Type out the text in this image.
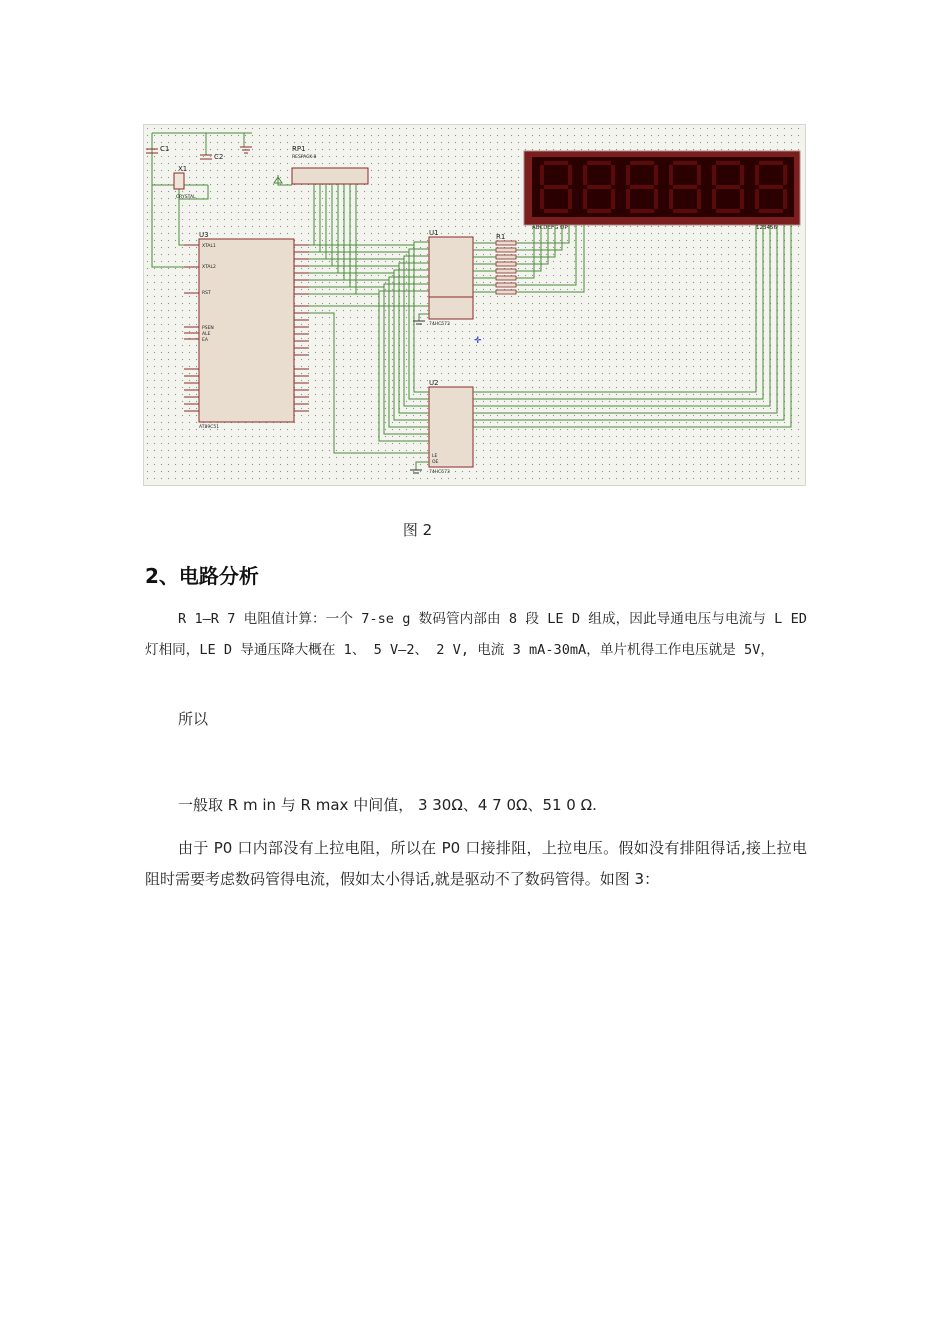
C1
C2
X1
CRYSTAL
RP1
RESPACK-8
U3
XTAL1
XTAL2
RST
PSEN
ALE
EA
AT89C51
U1
74HC573
U2
74HC573
LE
OE
R1
ABCDEFG DP	123456
✛
图 2
2、电路分析
R 1—R 7 电阻值计算：一个 7-se g 数码管内部由 8 段 LE D 组成，因此导通电压与电流与 L ED 灯相同，LE D 导通压降大概在 1、 5 V—2、 2 V, 电流 3 mA-30mA，单片机得工作电压就是 5V，
所以
一般取 R m in 与 R max 中间值， 3 30Ω、4 7 0Ω、51 0 Ω.
由于 P0 口内部没有上拉电阻，所以在 P0 口接排阻，上拉电压。假如没有排阻得话,接上拉电阻时需要考虑数码管得电流，假如太小得话,就是驱动不了数码管得。如图 3：
